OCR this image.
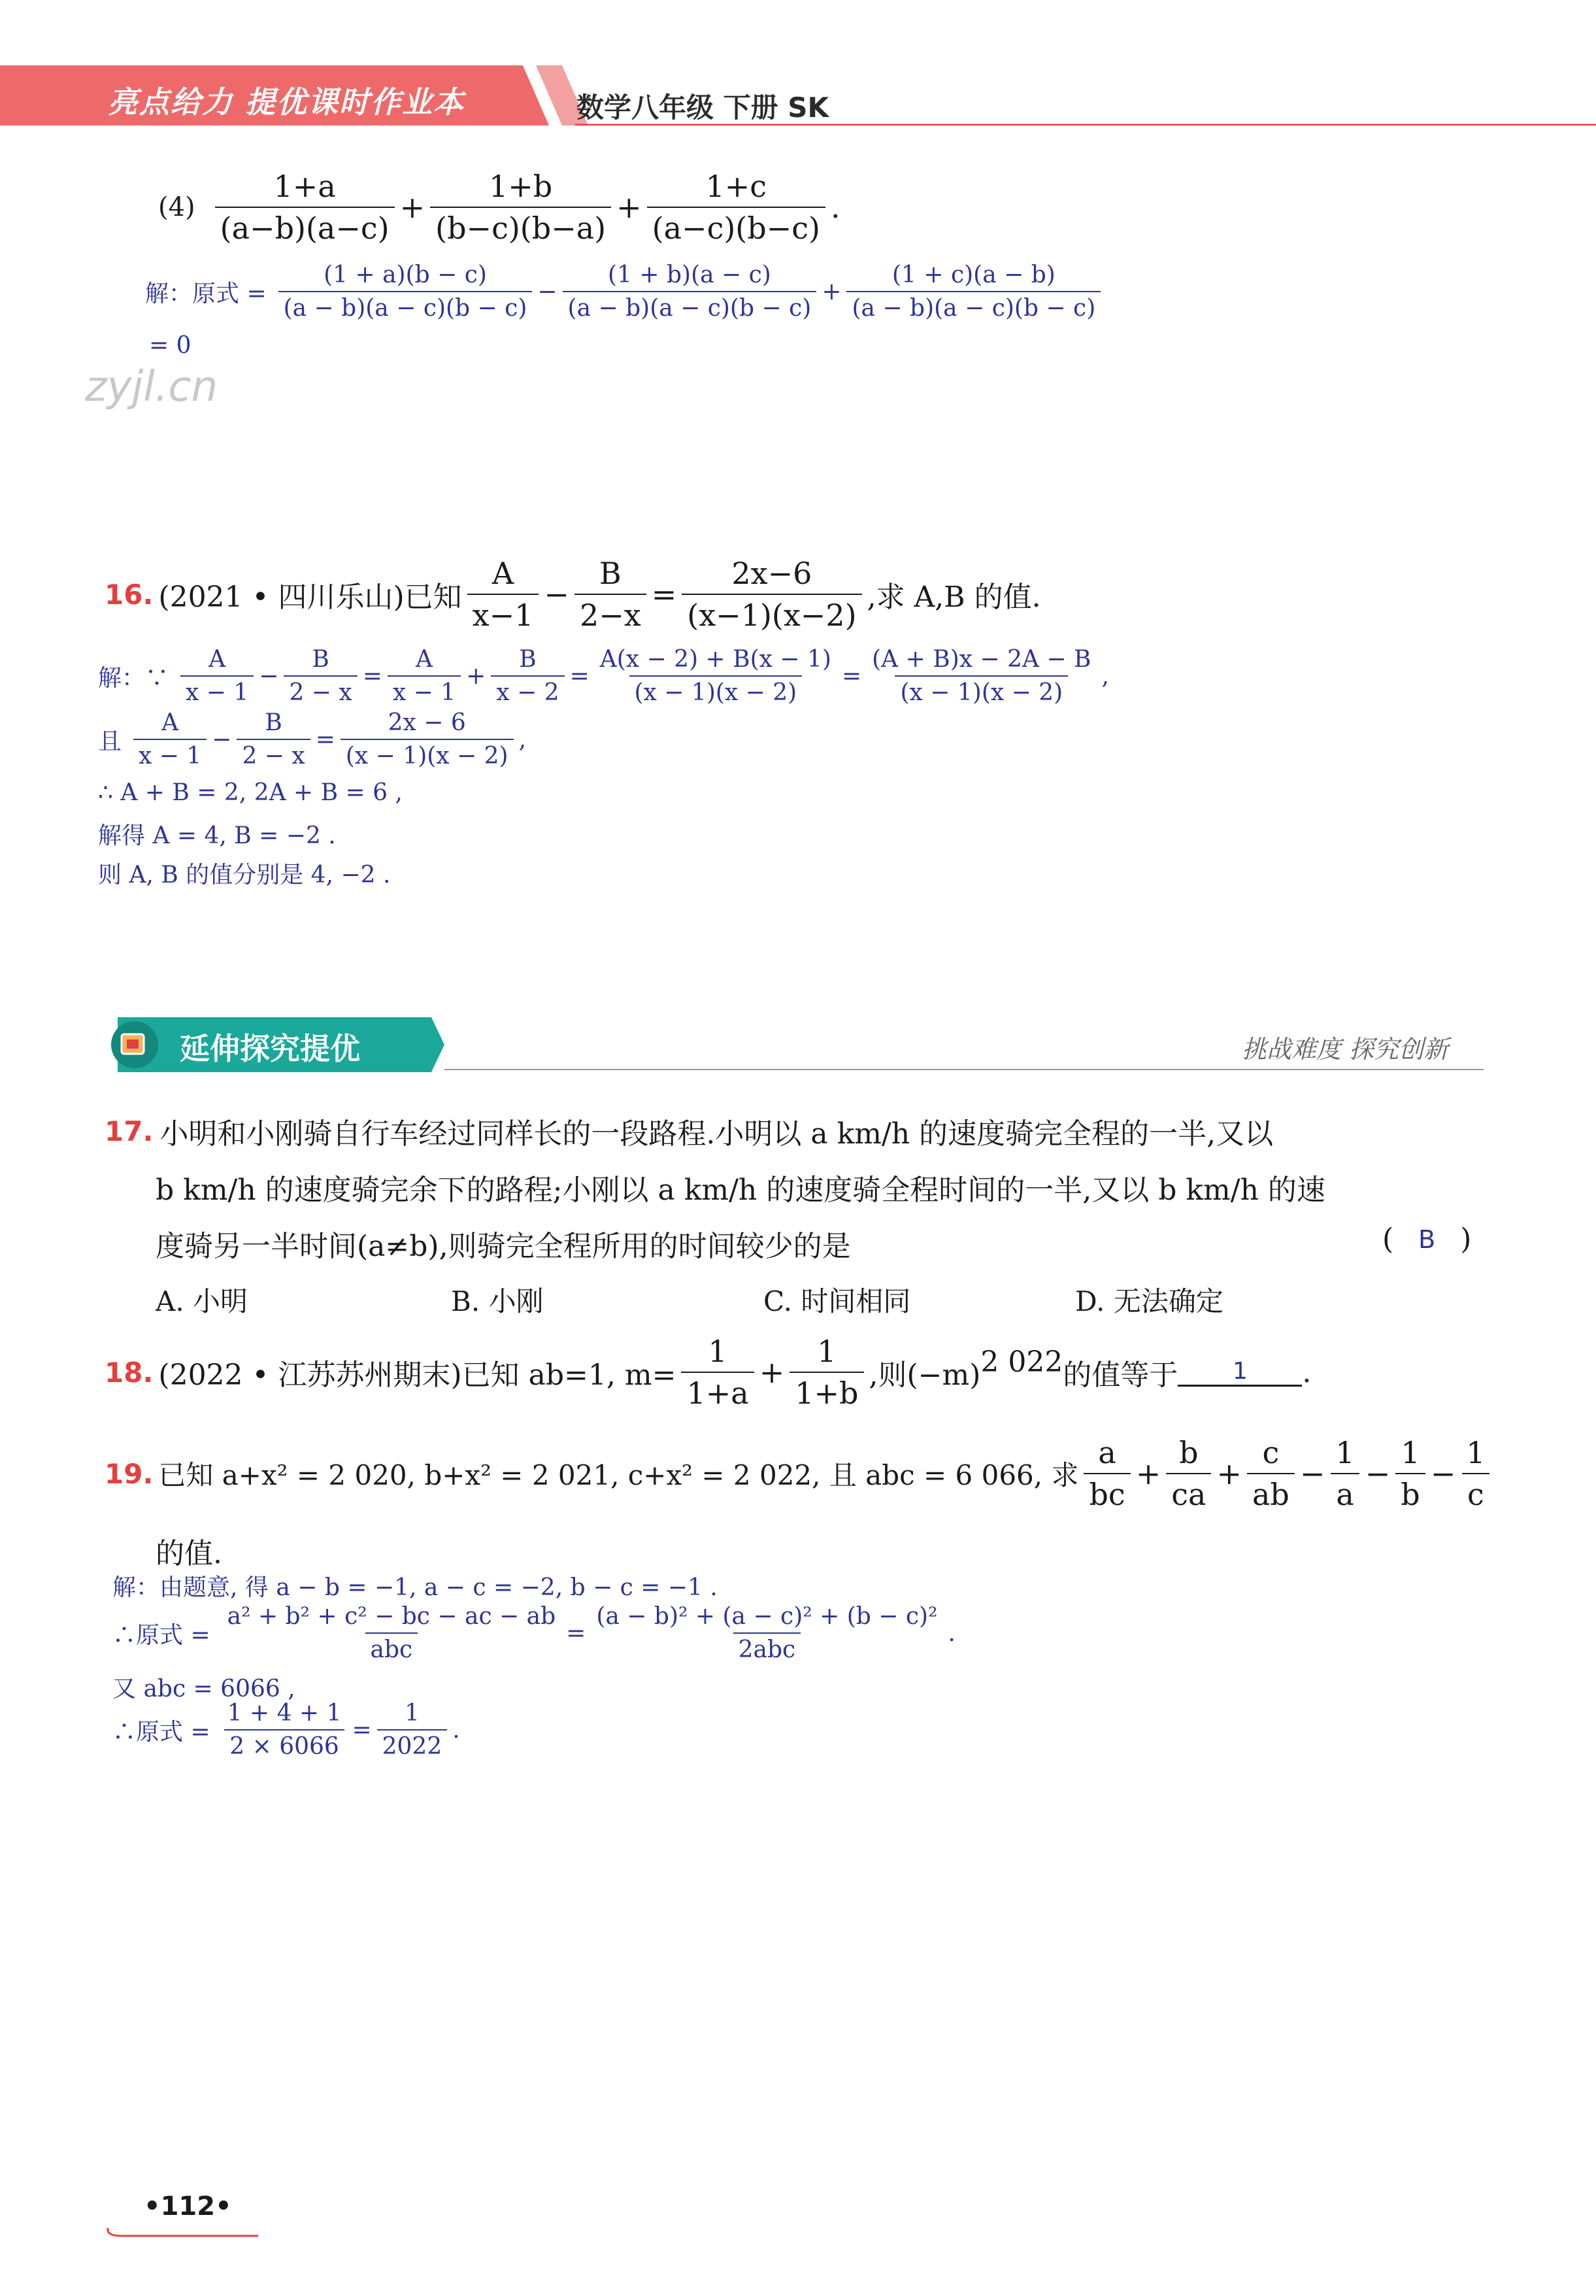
亮点给力 提优课时作业本	数学八年级 下册 SK
zyjl.cn
$(4) \frac{1+a}{(a-b)(a-c)} + \frac{1+b}{(b-c)(b-a)} + \frac{1+c}{(a-c)(b-c)}$ .
解：原式 = $\frac{(1 + a)(b - c)}{(a - b)(a - c)(b - c)} - \frac{(1 + b)(a - c)}{(a - b)(a - c)(b - c)} + \frac{(1 + c)(a - b)}{(a - b)(a - c)(b - c)}$
= 0
16. (2021 • 四川乐山)已知 $\frac{A}{x-1} - \frac{B}{2-x} = \frac{2x-6}{(x-1)(x-2)}$ ,求 A,B 的值.
解：∵ $\frac{A}{x - 1} - \frac{B}{2 - x} = \frac{A}{x - 1} + \frac{B}{x - 2} = \frac{A(x - 2) + B(x - 1)}{(x - 1)(x - 2)} = \frac{(A + B)x - 2A - B}{(x - 1)(x - 2)}$ ,
且 $\frac{A}{x - 1} - \frac{B}{2 - x} = \frac{2x - 6}{(x - 1)(x - 2)}$ ,
∴ A + B = 2, 2A + B = 6 ,
解得 A = 4, B = −2 .
则 A, B 的值分别是 4, −2 .
延伸探究提优	挑战难度 探究创新
17. 小明和小刚骑自行车经过同样长的一段路程.小明以 a km/h 的速度骑完全程的一半,又以
b km/h 的速度骑完余下的路程;小刚以 a km/h 的速度骑全程时间的一半,又以 b km/h 的速
度骑另一半时间(a≠b),则骑完全程所用的时间较少的是	( B )
A. 小明	B. 小刚	C. 时间相同	D. 无法确定
18. (2022 • 江苏苏州期末)已知 ab=1, $m= \frac{1}{1+a} + \frac{1}{1+b}$ ,则(−m) 2 022 的值等于	1	.
19. 已知 a+x² = 2 020, b+x² = 2 021, c+x² = 2 022, 且 abc = 6 066, 求 $\frac{a}{bc} + \frac{b}{ca} + \frac{c}{ab} - \frac{1}{a} - \frac{1}{b} - \frac{1}{c}$
的值.
解：由题意, 得 a − b = −1, a − c = −2, b − c = −1 .
∴原式 = $\frac{\text{a² + b² + c² − bc − ac − ab}}{\text{abc}} = \frac{\text{(a − b)² + (a − c)² + (b − c)²}}{\text{2abc}}$ .
又 abc = 6066 ,
∴原式 = $\frac{1 + 4 + 1}{2 \times 6066} = \frac{1}{2022}$ .
•112•
